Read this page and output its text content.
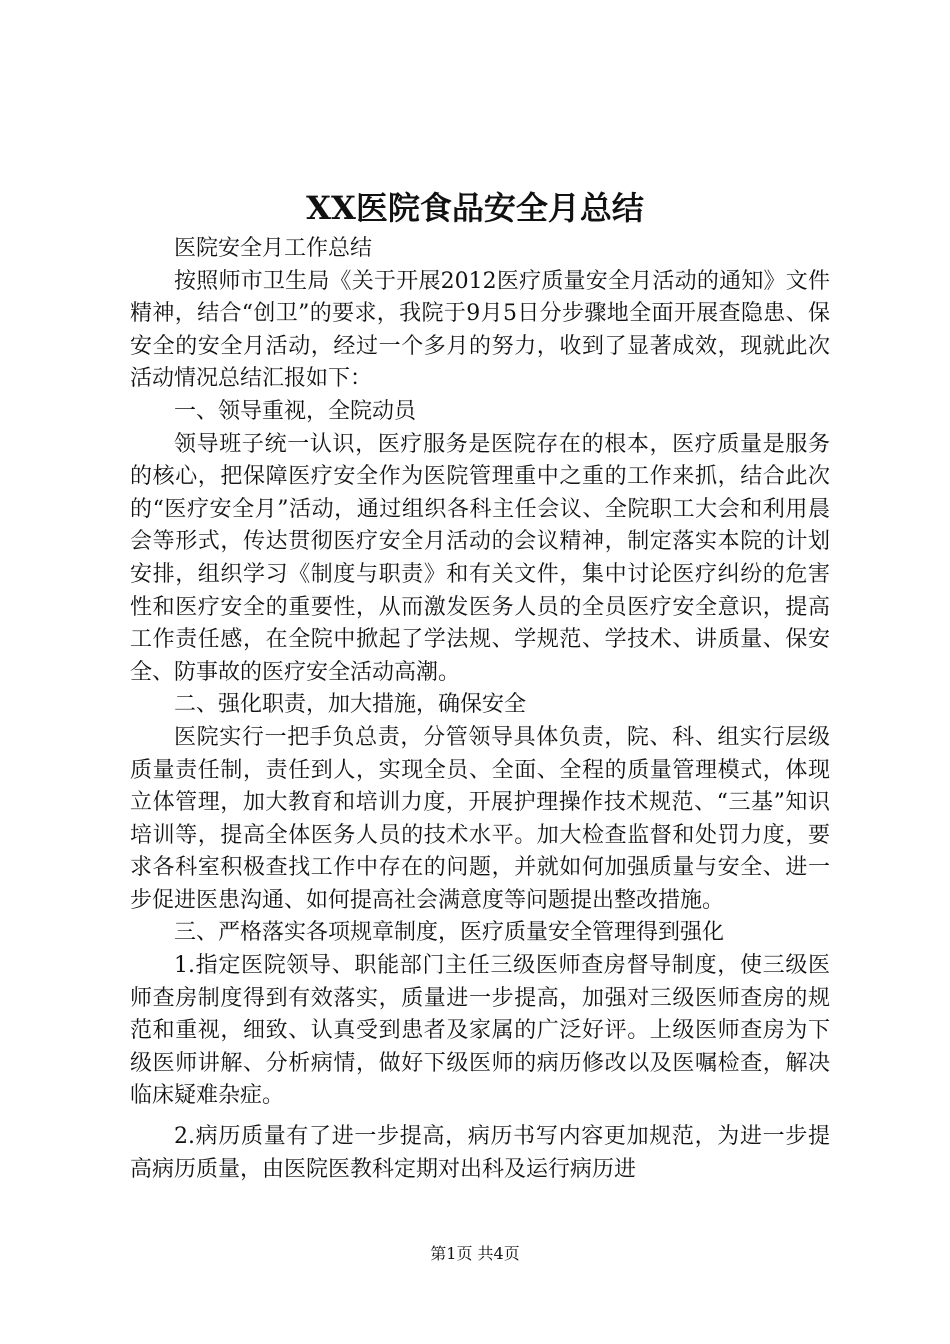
XX医院食品安全月总结

医院安全月工作总结

按照师市卫生局《关于开展2012医疗质量安全月活动的通知》文件精神，结合“创卫”的要求，我院于9月5日分步骤地全面开展查隐患、保安全的安全月活动，经过一个多月的努力，收到了显著成效，现就此次活动情况总结汇报如下：

一、领导重视，全院动员

领导班子统一认识，医疗服务是医院存在的根本，医疗质量是服务的核心，把保障医疗安全作为医院管理重中之重的工作来抓，结合此次的“医疗安全月”活动，通过组织各科主任会议、全院职工大会和利用晨会等形式，传达贯彻医疗安全月活动的会议精神，制定落实本院的计划安排，组织学习《制度与职责》和有关文件，集中讨论医疗纠纷的危害性和医疗安全的重要性，从而激发医务人员的全员医疗安全意识，提高工作责任感，在全院中掀起了学法规、学规范、学技术、讲质量、保安全、防事故的医疗安全活动高潮。

二、强化职责，加大措施，确保安全

医院实行一把手负总责，分管领导具体负责，院、科、组实行层级质量责任制，责任到人，实现全员、全面、全程的质量管理模式，体现立体管理，加大教育和培训力度，开展护理操作技术规范、“三基”知识培训等，提高全体医务人员的技术水平。加大检查监督和处罚力度，要求各科室积极查找工作中存在的问题，并就如何加强质量与安全、进一步促进医患沟通、如何提高社会满意度等问题提出整改措施。

三、严格落实各项规章制度，医疗质量安全管理得到强化

1.指定医院领导、职能部门主任三级医师查房督导制度，使三级医师查房制度得到有效落实，质量进一步提高，加强对三级医师查房的规范和重视，细致、认真受到患者及家属的广泛好评。上级医师查房为下级医师讲解、分析病情，做好下级医师的病历修改以及医嘱检查，解决临床疑难杂症。

2.病历质量有了进一步提高，病历书写内容更加规范，为进一步提高病历质量，由医院医教科定期对出科及运行病历进

第1页 共4页
